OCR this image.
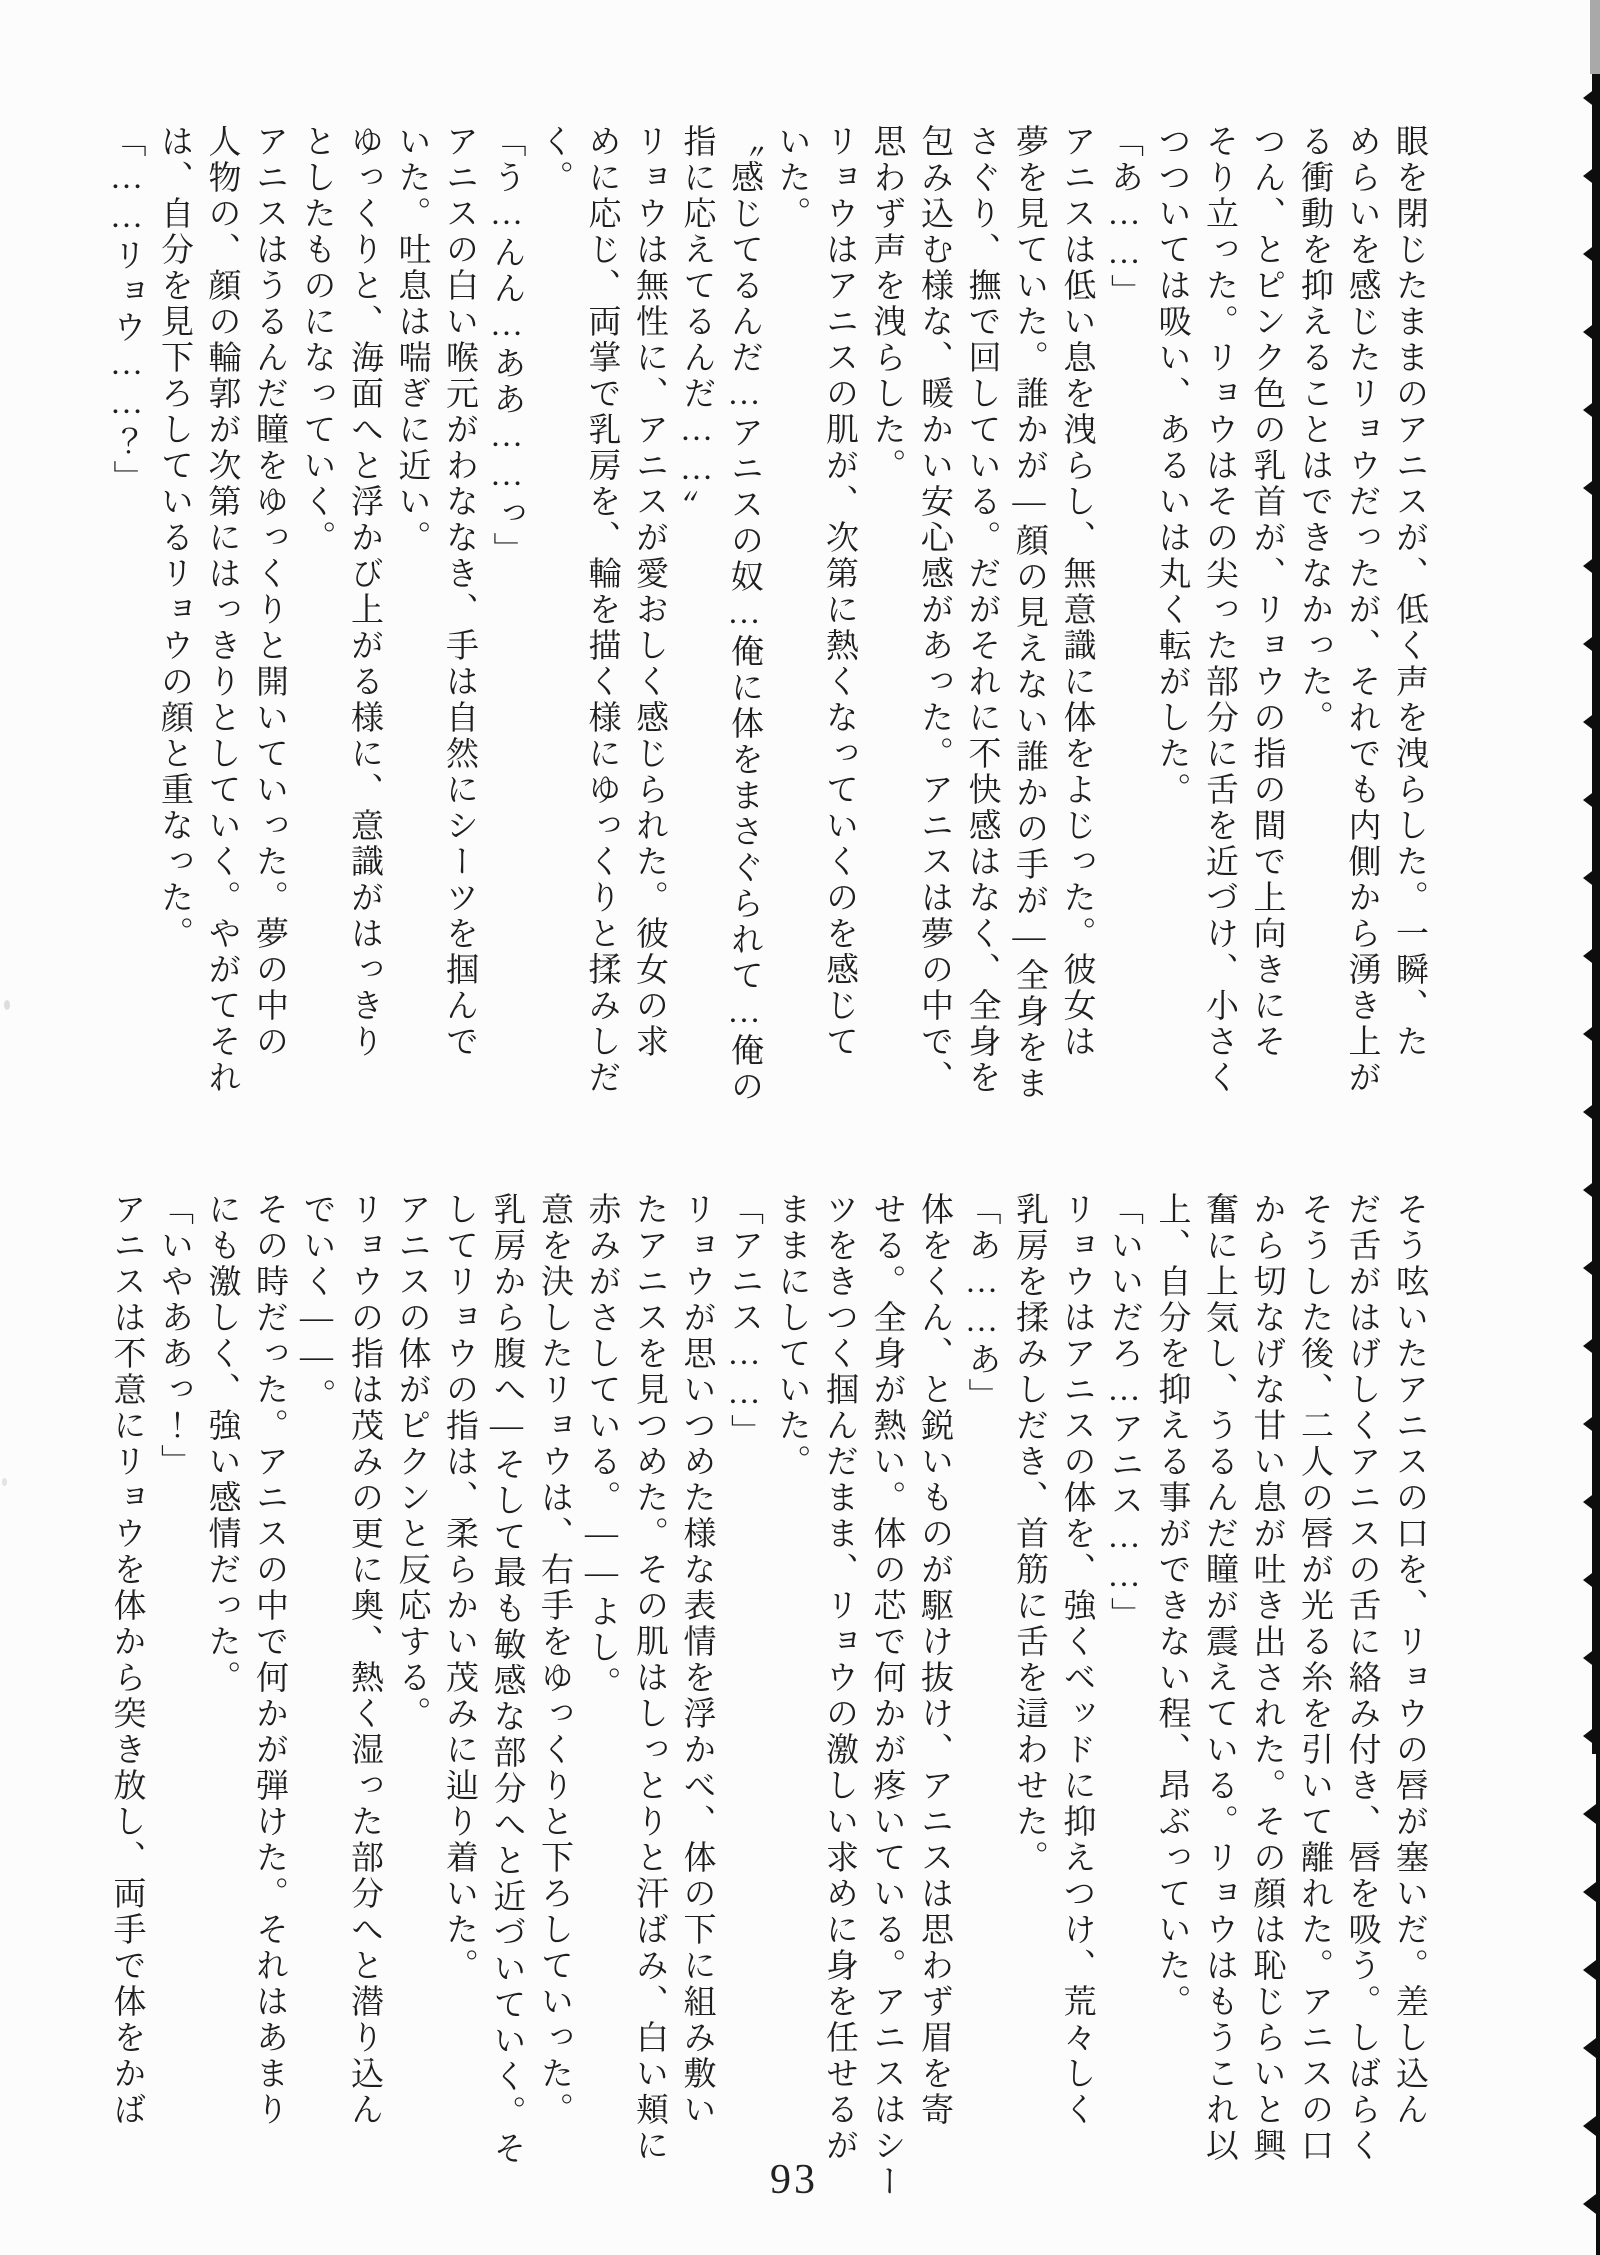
眼を閉じたままのアニスが、低く声を洩らした。一瞬、た
めらいを感じたリョウだったが、それでも内側から湧き上が
る衝動を抑えることはできなかった。
つん、とピンク色の乳首が、リョウの指の間で上向きにそ
そり立った。リョウはその尖った部分に舌を近づけ、小さく
つついては吸い、あるいは丸く転がした。
「あ……」
アニスは低い息を洩らし、無意識に体をよじった。彼女は
夢を見ていた。誰かが―顔の見えない誰かの手が―全身をま
さぐり、撫で回している。だがそれに不快感はなく、全身を
包み込む様な、暖かい安心感があった。アニスは夢の中で、
思わず声を洩らした。
リョウはアニスの肌が、次第に熱くなっていくのを感じて
いた。
〝感じてるんだ…アニスの奴…俺に体をまさぐられて…俺の
指に応えてるんだ……〟
リョウは無性に、アニスが愛おしく感じられた。彼女の求
めに応じ、両掌で乳房を、輪を描く様にゆっくりと揉みしだ
く。
「う…んん…ああ……っ」
アニスの白い喉元がわななき、手は自然にシーツを掴んで
いた。吐息は喘ぎに近い。
ゆっくりと、海面へと浮かび上がる様に、意識がはっきり
としたものになっていく。
アニスはうるんだ瞳をゆっくりと開いていった。夢の中の
人物の、顔の輪郭が次第にはっきりとしていく。やがてそれ
は、自分を見下ろしているリョウの顔と重なった。
「……リョウ……？」
そう呟いたアニスの口を、リョウの唇が塞いだ。差し込ん
だ舌がはげしくアニスの舌に絡み付き、唇を吸う。しばらく
そうした後、二人の唇が光る糸を引いて離れた。アニスの口
から切なげな甘い息が吐き出された。その顔は恥じらいと興
奮に上気し、うるんだ瞳が震えている。リョウはもうこれ以
上、自分を抑える事ができない程、昂ぶっていた。
「いいだろ…アニス……」
リョウはアニスの体を、強くベッドに抑えつけ、荒々しく
乳房を揉みしだき、首筋に舌を這わせた。
「あ……あ」
体をくん、と鋭いものが駆け抜け、アニスは思わず眉を寄
せる。全身が熱い。体の芯で何かが疼いている。アニスはシー
ツをきつく掴んだまま、リョウの激しい求めに身を任せるが
ままにしていた。
「アニス……」
リョウが思いつめた様な表情を浮かべ、体の下に組み敷い
たアニスを見つめた。その肌はしっとりと汗ばみ、白い頬に
赤みがさしている。――よし。
意を決したリョウは、右手をゆっくりと下ろしていった。
乳房から腹へ―そして最も敏感な部分へと近づいていく。そ
してリョウの指は、柔らかい茂みに辿り着いた。
アニスの体がピクンと反応する。
リョウの指は茂みの更に奥、熱く湿った部分へと潜り込ん
でいく――。
その時だった。アニスの中で何かが弾けた。それはあまり
にも激しく、強い感情だった。
「いやああっ！」
アニスは不意にリョウを体から突き放し、両手で体をかば
93
